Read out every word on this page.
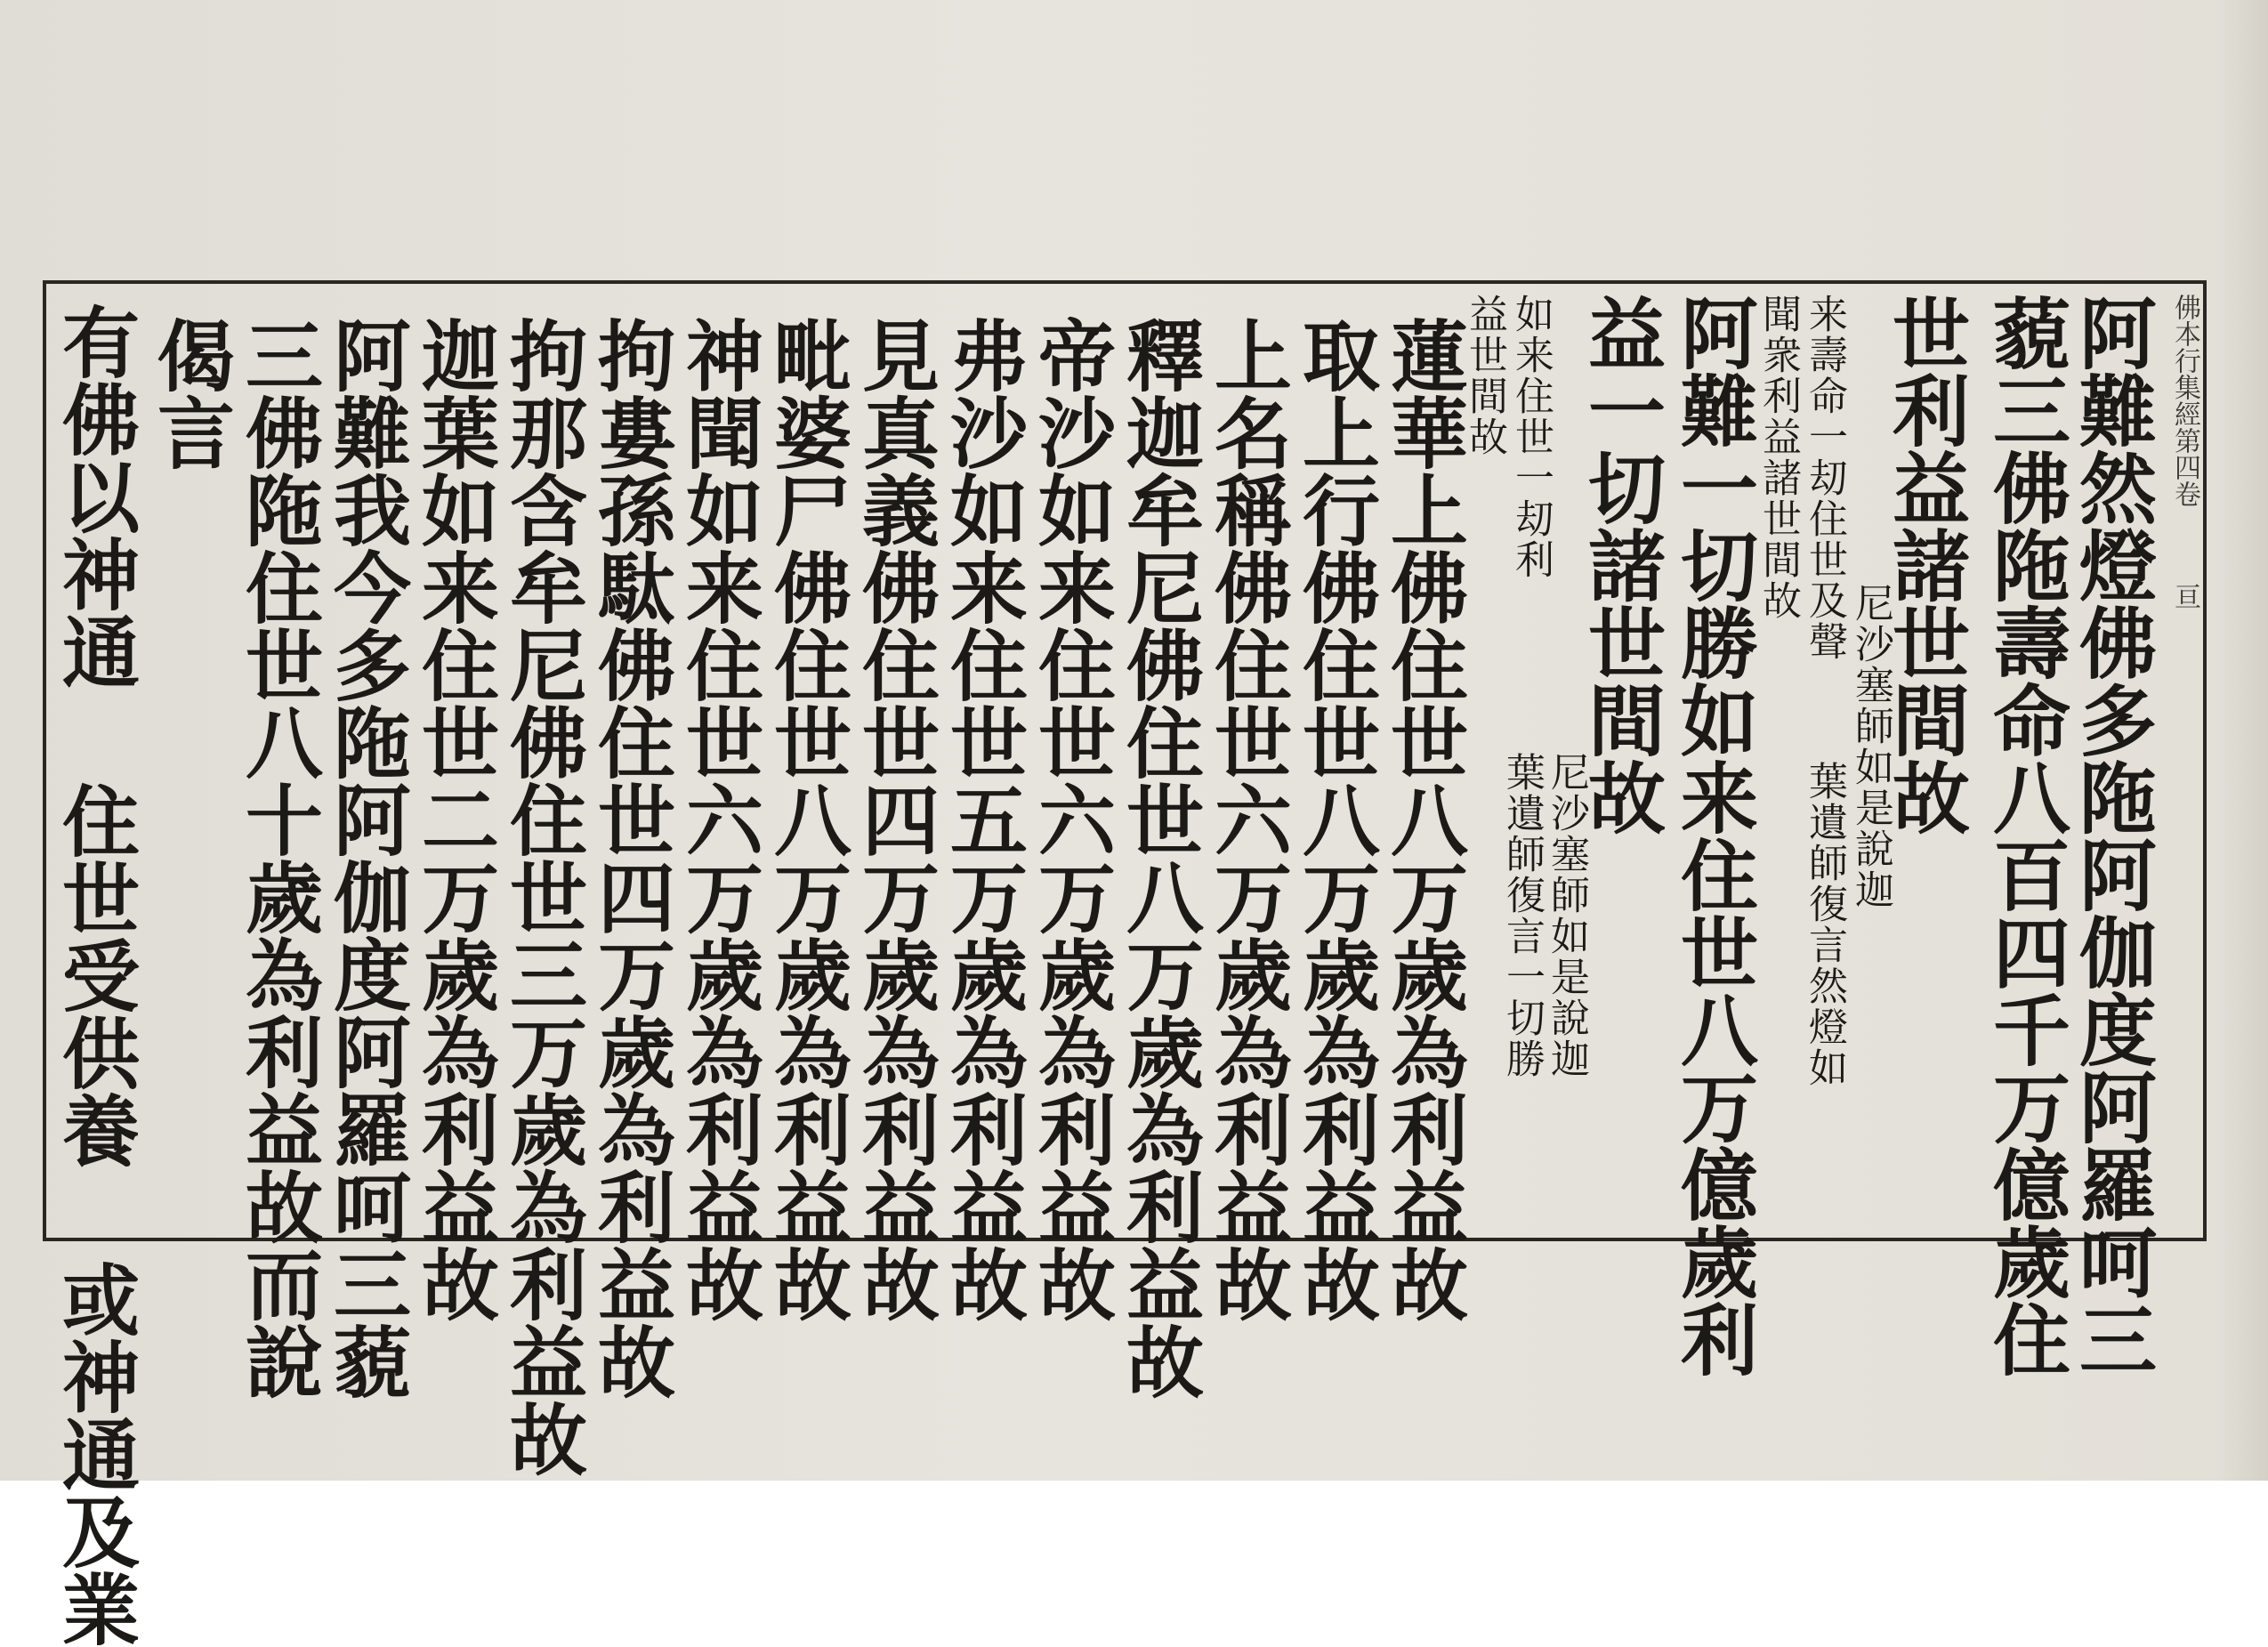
佛本行集經第四卷
亘
阿難然燈佛多陁阿伽度阿羅呵三
藐三佛陁壽命八百四千万億歲住
世利益諸世間故
尼沙塞師如是說迦
来壽命一刧住世及聲
葉遺師復言然燈如
聞衆利益諸世間故
阿難一切勝如来住世八万億歲利
益一切諸世間故
尼沙塞師如是說迦
葉遺師復言一切勝
如来住世一刧利
益世間故
蓮華上佛住世八万歲為利益故
取上行佛住世八万歲為利益故
上名稱佛住世六万歲為利益故
釋迦牟尼佛住世八万歲為利益故
帝沙如来住世六万歲為利益故
弗沙如来住世五万歲為利益故
見真義佛住世四万歲為利益故
毗婆尸佛住世八万歲為利益故
神聞如来住世六万歲為利益故
拘婁孫駄佛住世四万歲為利益故
拘那含牟尼佛住世三万歲為利益故
迦葉如来住世二万歲為利益故
阿難我今多陁阿伽度阿羅呵三藐
三佛陁住世八十歲為利益故而說
偈言
有佛以神通 住世受供養 或神通及業
